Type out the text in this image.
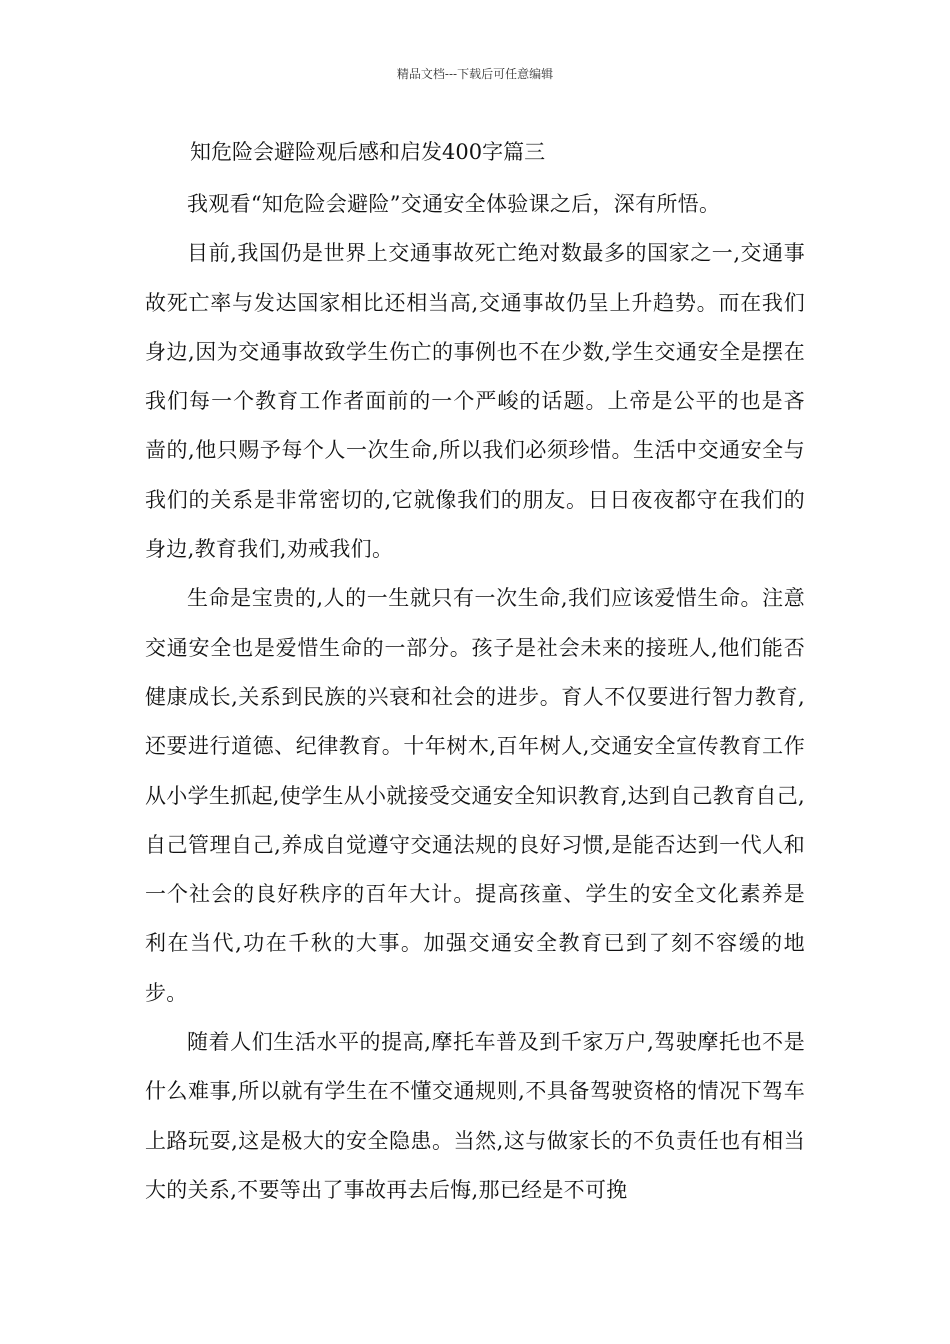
精品文档---下载后可任意编辑
知危险会避险观后感和启发400字篇三

我观看“知危险会避险”交通安全体验课之后，深有所悟。

目前,我国仍是世界上交通事故死亡绝对数最多的国家之一,交通事故死亡率与发达国家相比还相当高,交通事故仍呈上升趋势。而在我们身边,因为交通事故致学生伤亡的事例也不在少数,学生交通安全是摆在我们每一个教育工作者面前的一个严峻的话题。上帝是公平的也是吝啬的,他只赐予每个人一次生命,所以我们必须珍惜。生活中交通安全与我们的关系是非常密切的,它就像我们的朋友。日日夜夜都守在我们的身边,教育我们,劝戒我们。

生命是宝贵的,人的一生就只有一次生命,我们应该爱惜生命。注意交通安全也是爱惜生命的一部分。孩子是社会未来的接班人,他们能否健康成长,关系到民族的兴衰和社会的进步。育人不仅要进行智力教育,还要进行道德、纪律教育。十年树木,百年树人,交通安全宣传教育工作从小学生抓起,使学生从小就接受交通安全知识教育,达到自己教育自己,自己管理自己,养成自觉遵守交通法规的良好习惯,是能否达到一代人和一个社会的良好秩序的百年大计。提高孩童、学生的安全文化素养是利在当代,功在千秋的大事。加强交通安全教育已到了刻不容缓的地步。

随着人们生活水平的提高,摩托车普及到千家万户,驾驶摩托也不是什么难事,所以就有学生在不懂交通规则,不具备驾驶资格的情况下驾车上路玩耍,这是极大的安全隐患。当然,这与做家长的不负责任也有相当大的关系,不要等出了事故再去后悔,那已经是不可挽
